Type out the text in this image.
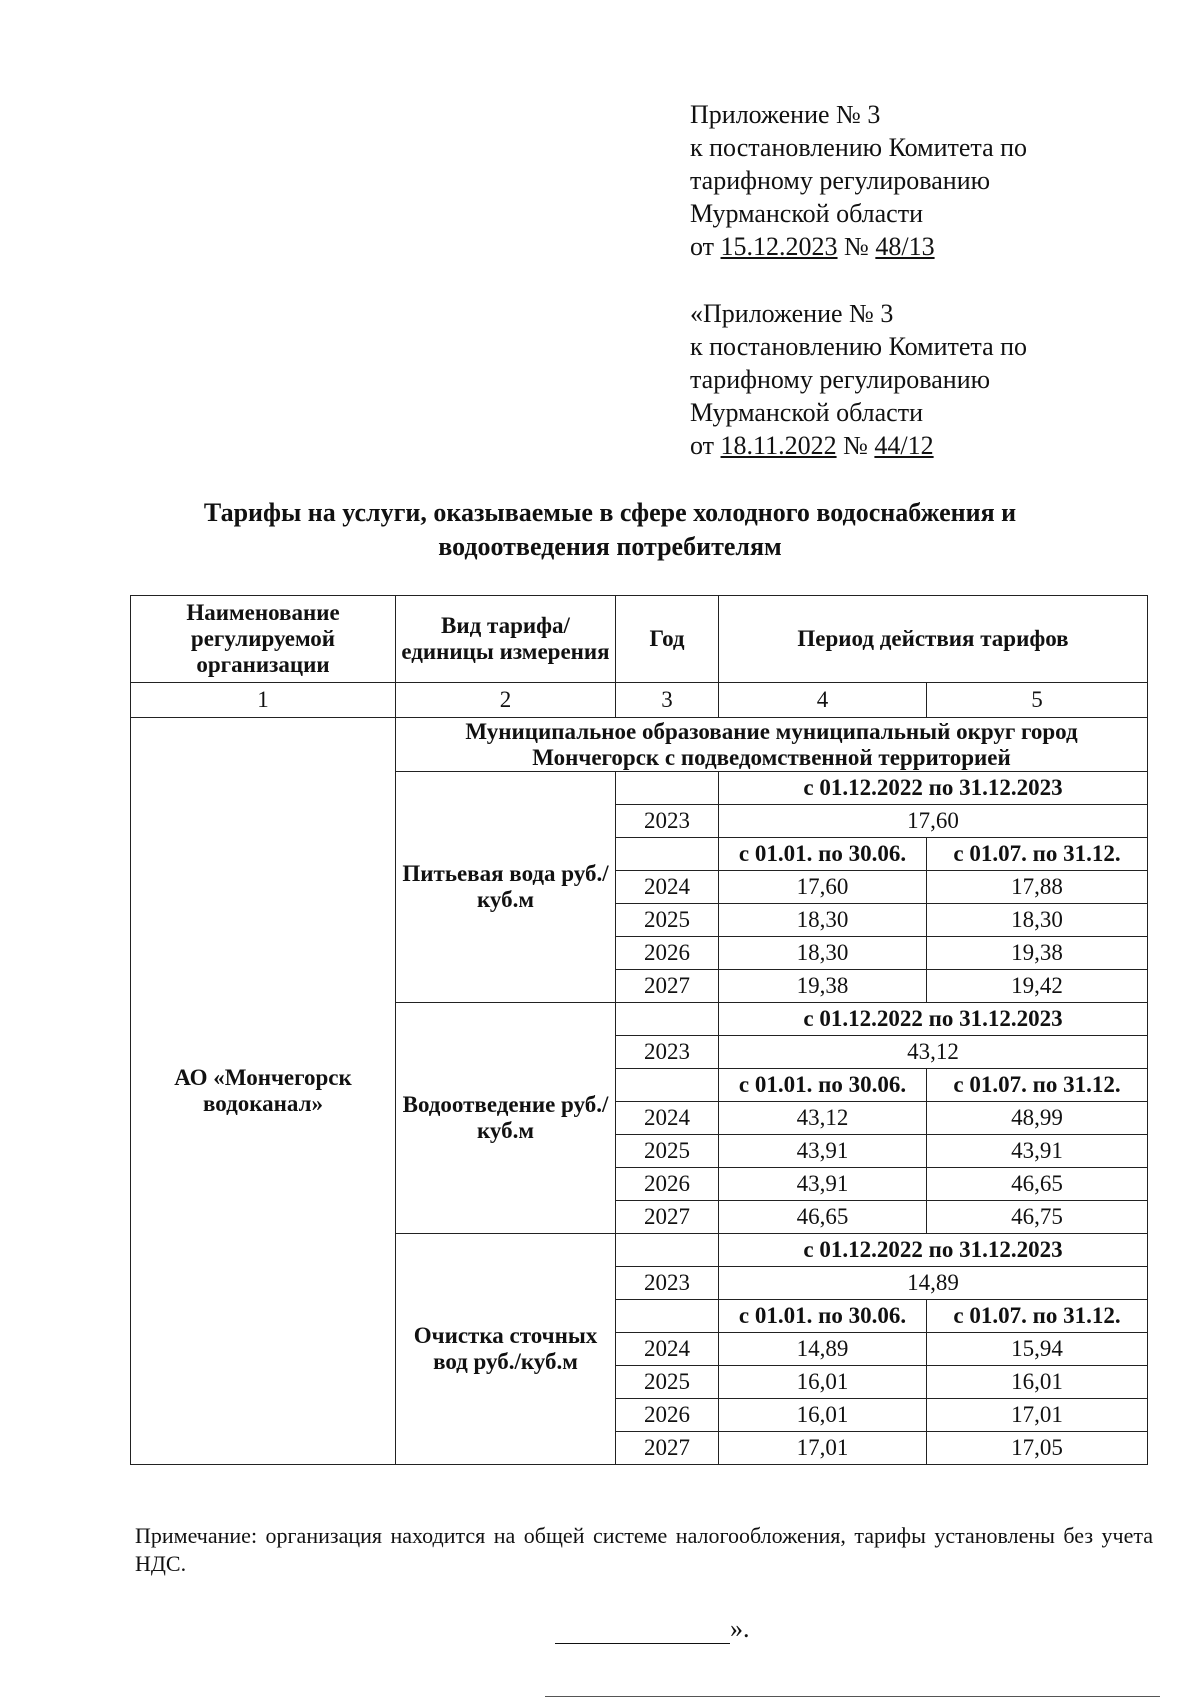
Приложение № 3
к постановлению Комитета по
тарифному регулированию
Мурманской области
от 15.12.2023 № 48/13
«Приложение № 3
к постановлению Комитета по
тарифному регулированию
Мурманской области
от 18.11.2022 № 44/12
Тарифы на услуги, оказываемые в сфере холодного водоснабжения и
водоотведения потребителям
Наименование регулируемой организации	Вид тарифа/единицы измерения	Год	Период действия тарифов	
1	2	3	4	5
АО «Мончегорск водоканал»	Муниципальное образование муниципальный округ город Мончегорск с подведомственной территорией			
	Питьевая вода руб./куб.м		с 01.12.2022 по 31.12.2023	
		2023	17,60	
			с 01.01. по 30.06.	с 01.07. по 31.12.
		2024	17,60	17,88
		2025	18,30	18,30
		2026	18,30	19,38
		2027	19,38	19,42
	Водоотведение руб./куб.м		с 01.12.2022 по 31.12.2023	
		2023	43,12	
			с 01.01. по 30.06.	с 01.07. по 31.12.
		2024	43,12	48,99
		2025	43,91	43,91
		2026	43,91	46,65
		2027	46,65	46,75
	Очистка сточных вод руб./куб.м		с 01.12.2022 по 31.12.2023	
		2023	14,89	
			с 01.01. по 30.06.	с 01.07. по 31.12.
		2024	14,89	15,94
		2025	16,01	16,01
		2026	16,01	17,01
		2027	17,01	17,05
Примечание: организация находится на общей системе налогообложения, тарифы установлены без учета НДС.
».
